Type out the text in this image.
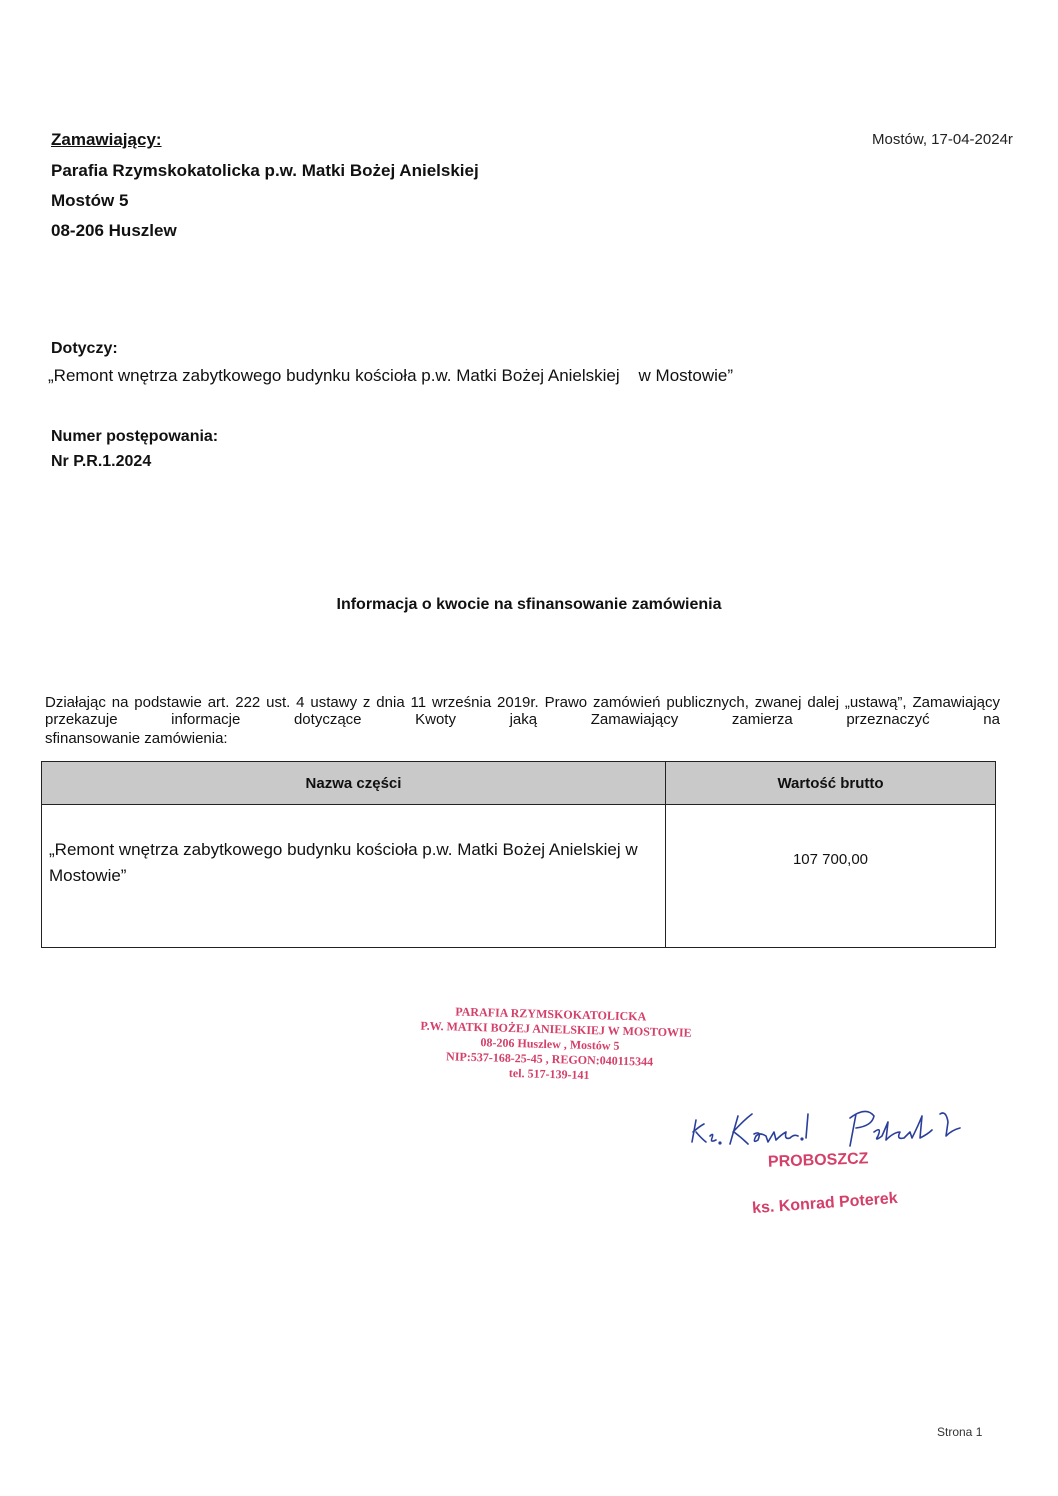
Zamawiający:	Mostów, 17-04-2024r
Parafia Rzymskokatolicka p.w. Matki Bożej Anielskiej
Mostów 5
08-206 Huszlew
Dotyczy:
„Remont wnętrza zabytkowego budynku kościoła p.w. Matki Bożej Anielskiej    w Mostowie”
Numer postępowania:
Nr P.R.1.2024
Informacja o kwocie na sfinansowanie zamówienia
Działając na podstawie art. 222 ust. 4 ustawy z dnia 11 września 2019r. Prawo zamówień publicznych, zwanej dalej „ustawą”, Zamawiający przekazuje informacje dotyczące Kwoty jaką Zamawiający zamierza przeznaczyć na
sfinansowanie zamówienia:
Nazwa części	Wartość brutto

„Remont wnętrza zabytkowego budynku kościoła p.w. Matki Bożej Anielskiej w Mostowie”	107 700,00
PARAFIA RZYMSKOKATOLICKA
P.W. MATKI BOŻEJ ANIELSKIEJ W MOSTOWIE
08-206 Huszlew , Mostów 5
NIP:537-168-25-45 , REGON:040115344
tel. 517-139-141
ks. Konrad Poterek
PROBOSZCZ
ks. Konrad Poterek
Strona 1
